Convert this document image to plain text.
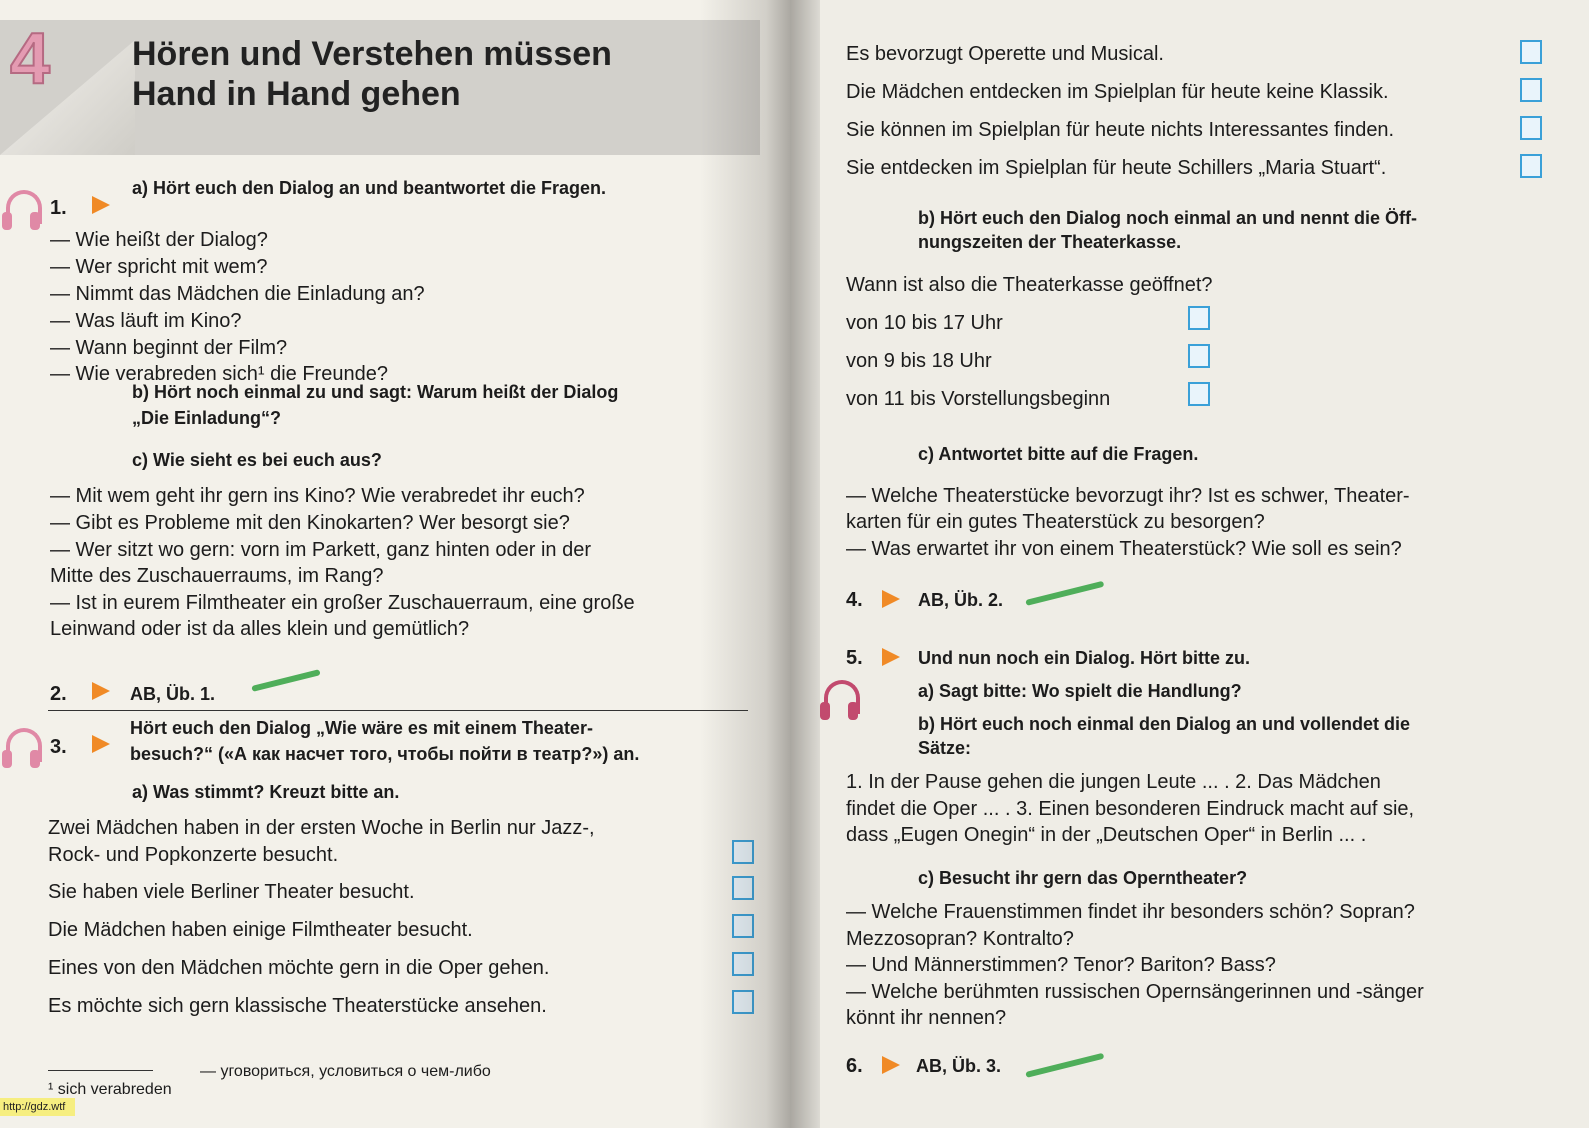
4 Hören und Verstehen müssen
Hand in Hand gehen
1.
a) Hört euch den Dialog an und beantwortet die Fragen.
— Wie heißt der Dialog?
— Wer spricht mit wem?
— Nimmt das Mädchen die Einladung an?
— Was läuft im Kino?
— Wann beginnt der Film?
— Wie verabreden sich¹ die Freunde?
b) Hört noch einmal zu und sagt: Warum heißt der Dialog
„Die Einladung“?
c) Wie sieht es bei euch aus?
— Mit wem geht ihr gern ins Kino? Wie verabredet ihr euch?
— Gibt es Probleme mit den Kinokarten? Wer besorgt sie?
— Wer sitzt wo gern: vorn im Parkett, ganz hinten oder in der
Mitte des Zuschauerraums, im Rang?
— Ist in eurem Filmtheater ein großer Zuschauerraum, eine große
Leinwand oder ist da alles klein und gemütlich?
2.	AB, Üb. 1.
3.
Hört euch den Dialog „Wie wäre es mit einem Theater-
besuch?“ («А как насчет того, чтобы пойти в театр?») an.
a) Was stimmt? Kreuzt bitte an.
Zwei Mädchen haben in der ersten Woche in Berlin nur Jazz-,
Rock- und Popkonzerte besucht.
Sie haben viele Berliner Theater besucht.
Die Mädchen haben einige Filmtheater besucht.
Eines von den Mädchen möchte gern in die Oper gehen.
Es möchte sich gern klassische Theaterstücke ansehen.
¹ sich verabreden
— уговориться, условиться о чем-либо
http://gdz.wtf
Es bevorzugt Operette und Musical.
Die Mädchen entdecken im Spielplan für heute keine Klassik.
Sie können im Spielplan für heute nichts Interessantes finden.
Sie entdecken im Spielplan für heute Schillers „Maria Stuart“.
b) Hört euch den Dialog noch einmal an und nennt die Öff-
nungszeiten der Theaterkasse.
Wann ist also die Theaterkasse geöffnet?
von 10 bis 17 Uhr
von 9 bis 18 Uhr
von 11 bis Vorstellungsbeginn
c) Antwortet bitte auf die Fragen.
— Welche Theaterstücke bevorzugt ihr? Ist es schwer, Theater-
karten für ein gutes Theaterstück zu besorgen?
— Was erwartet ihr von einem Theaterstück? Wie soll es sein?
4.	AB, Üb. 2.
5.	Und nun noch ein Dialog. Hört bitte zu.
a) Sagt bitte: Wo spielt die Handlung?
b) Hört euch noch einmal den Dialog an und vollendet die
Sätze:
1. In der Pause gehen die jungen Leute ... . 2. Das Mädchen
findet die Oper ... . 3. Einen besonderen Eindruck macht auf sie,
dass „Eugen Onegin“ in der „Deutschen Oper“ in Berlin ... .
c) Besucht ihr gern das Operntheater?
— Welche Frauenstimmen findet ihr besonders schön? Sopran?
Mezzosopran? Kontralto?
— Und Männerstimmen? Tenor? Bariton? Bass?
— Welche berühmten russischen Opernsängerinnen und -sänger
könnt ihr nennen?
6.	AB, Üb. 3.
